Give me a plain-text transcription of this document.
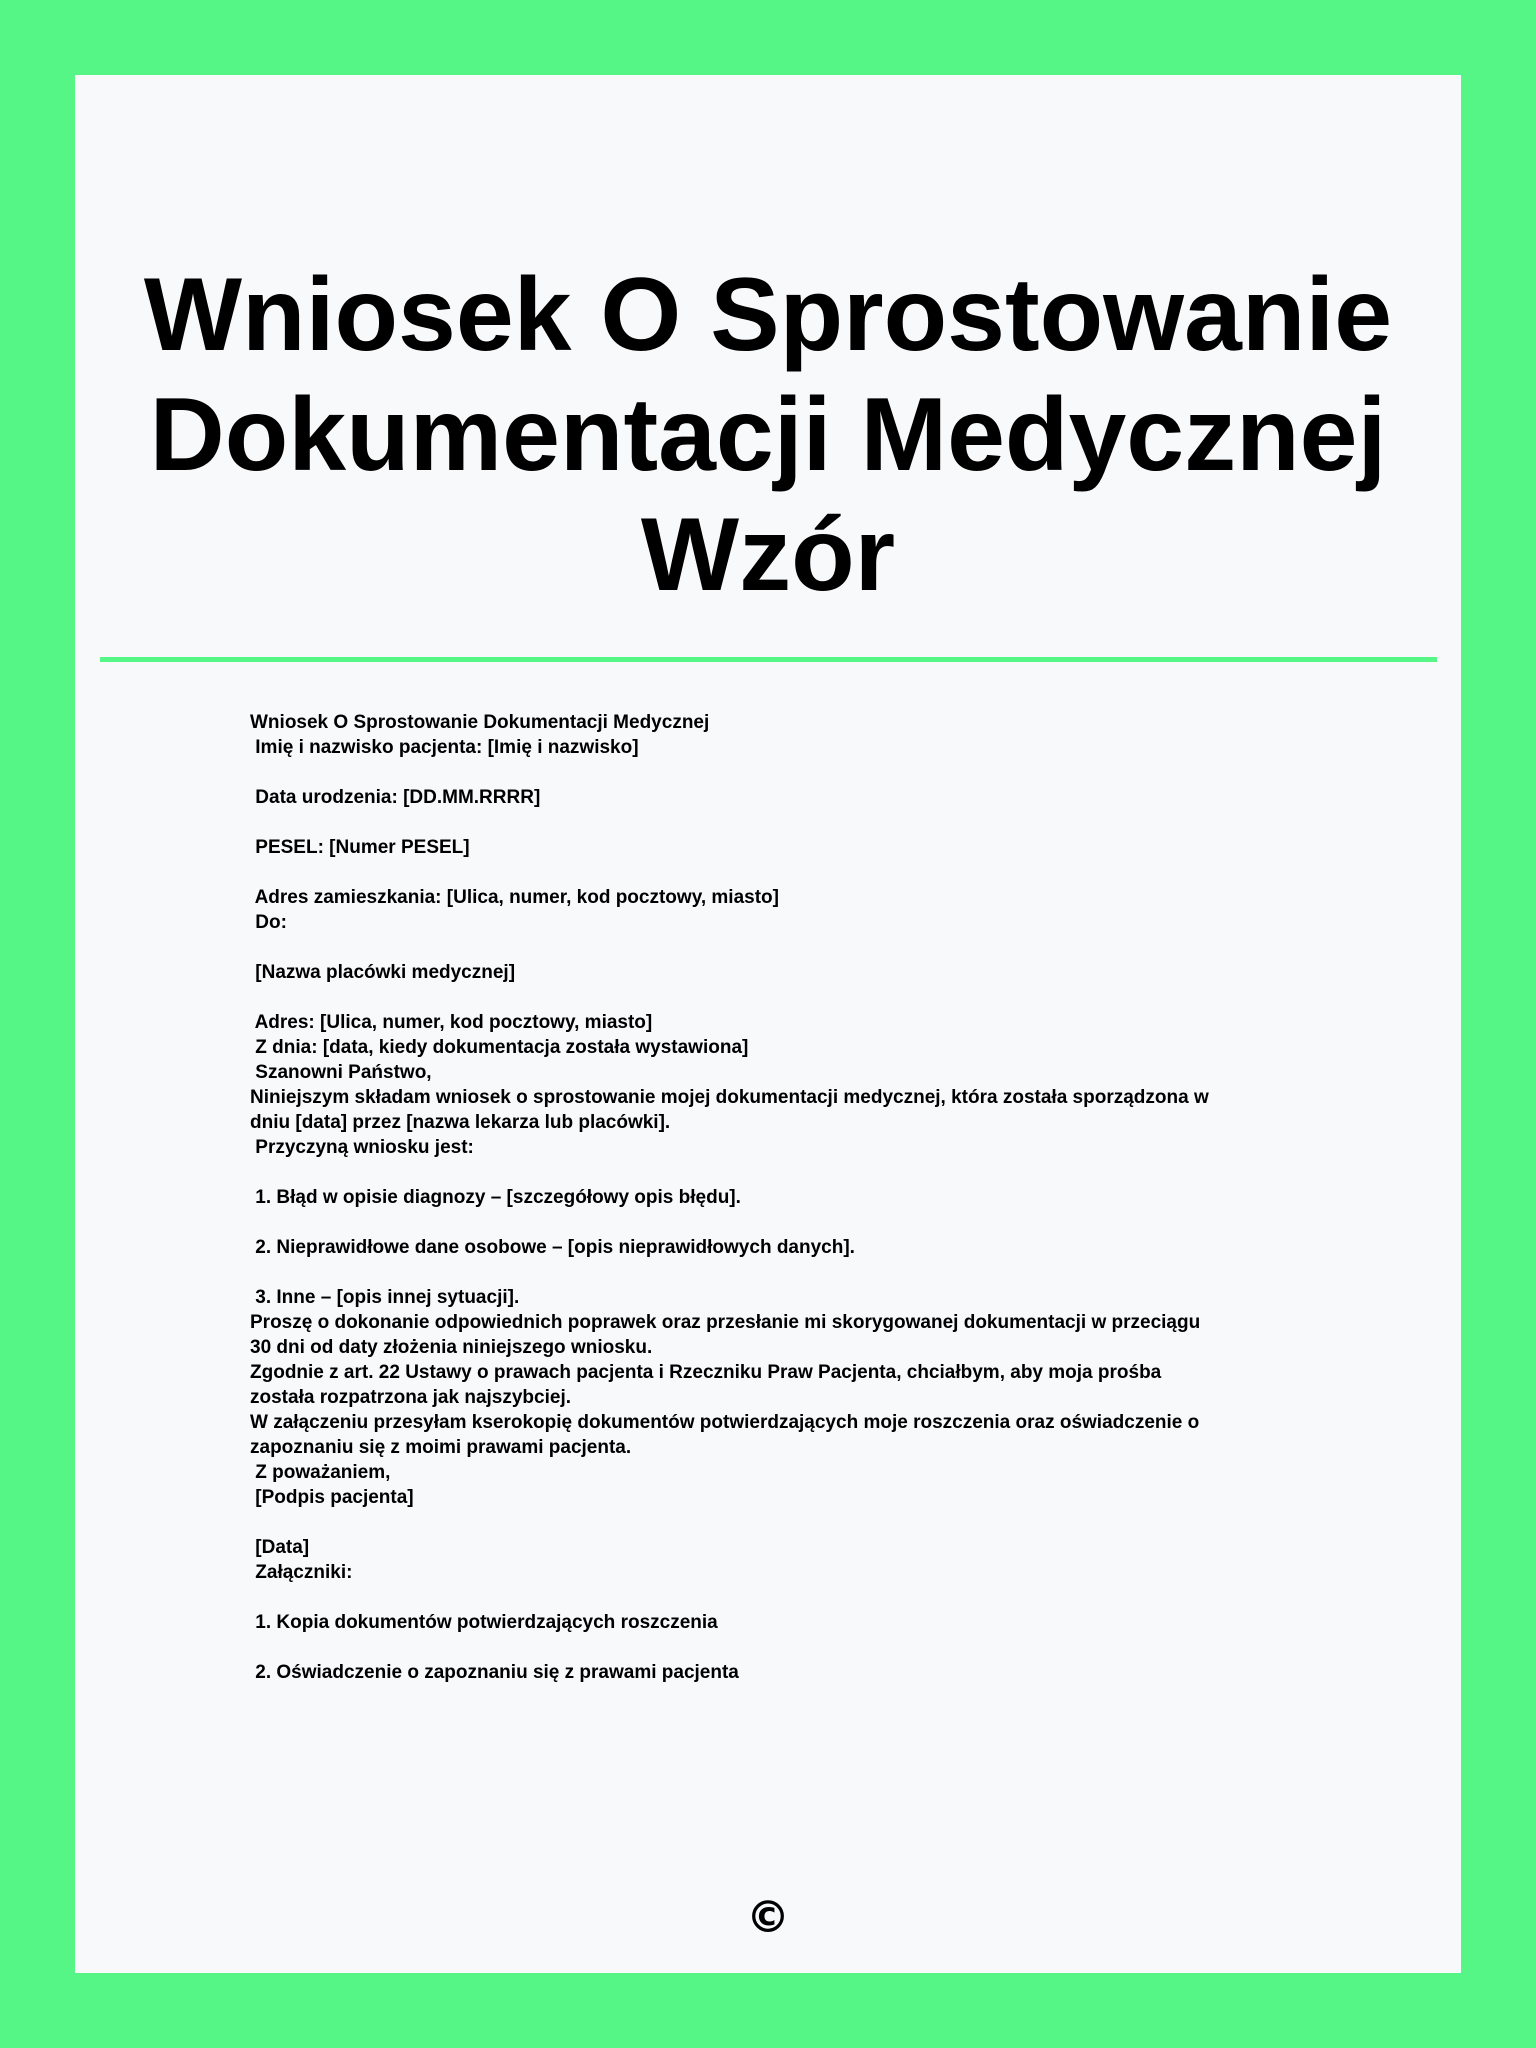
Wniosek O Sprostowanie
Dokumentacji Medycznej
Wzór
Wniosek O Sprostowanie Dokumentacji Medycznej
Imię i nazwisko pacjenta: [Imię i nazwisko]
Data urodzenia: [DD.MM.RRRR]
PESEL: [Numer PESEL]
Adres zamieszkania: [Ulica, numer, kod pocztowy, miasto]
Do:
[Nazwa placówki medycznej]
Adres: [Ulica, numer, kod pocztowy, miasto]
Z dnia: [data, kiedy dokumentacja została wystawiona]
Szanowni Państwo,
Niniejszym składam wniosek o sprostowanie mojej dokumentacji medycznej, która została sporządzona w
dniu [data] przez [nazwa lekarza lub placówki].
Przyczyną wniosku jest:
1. Błąd w opisie diagnozy – [szczegółowy opis błędu].
2. Nieprawidłowe dane osobowe – [opis nieprawidłowych danych].
3. Inne – [opis innej sytuacji].
Proszę o dokonanie odpowiednich poprawek oraz przesłanie mi skorygowanej dokumentacji w przeciągu
30 dni od daty złożenia niniejszego wniosku.
Zgodnie z art. 22 Ustawy o prawach pacjenta i Rzeczniku Praw Pacjenta, chciałbym, aby moja prośba
została rozpatrzona jak najszybciej.
W załączeniu przesyłam kserokopię dokumentów potwierdzających moje roszczenia oraz oświadczenie o
zapoznaniu się z moimi prawami pacjenta.
Z poważaniem,
[Podpis pacjenta]
[Data]
Załączniki:
1. Kopia dokumentów potwierdzających roszczenia
2. Oświadczenie o zapoznaniu się z prawami pacjenta
©
